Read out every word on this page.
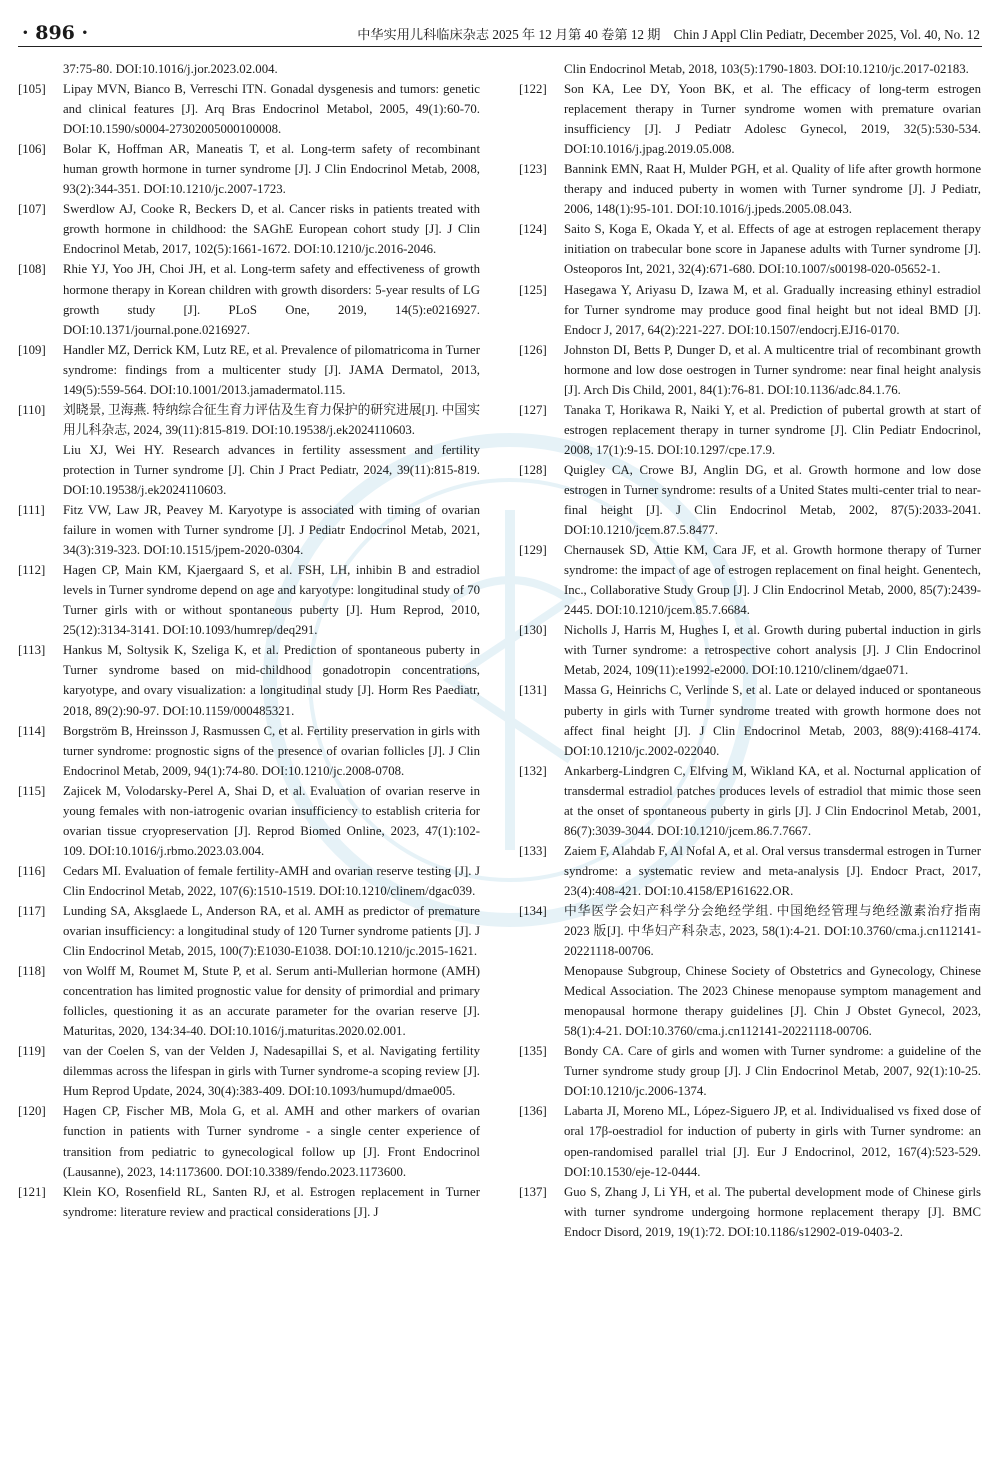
· 896 ·	中华实用儿科临床杂志 2025 年 12 月第 40 卷第 12 期　Chin J Appl Clin Pediatr, December 2025, Vol. 40, No. 12
37:75-80. DOI:10.1016/j.jor.2023.02.004.
[105] Lipay MVN, Bianco B, Verreschi ITN. Gonadal dysgenesis and tumors: genetic and clinical features [J]. Arq Bras Endocrinol Metabol, 2005, 49(1):60-70. DOI:10.1590/s0004-27302005000100008.
[106] Bolar K, Hoffman AR, Maneatis T, et al. Long-term safety of recombinant human growth hormone in turner syndrome [J]. J Clin Endocrinol Metab, 2008, 93(2):344-351. DOI:10.1210/jc.2007-1723.
[107] Swerdlow AJ, Cooke R, Beckers D, et al. Cancer risks in patients treated with growth hormone in childhood: the SAGhE European cohort study [J]. J Clin Endocrinol Metab, 2017, 102(5):1661-1672. DOI:10.1210/jc.2016-2046.
[108] Rhie YJ, Yoo JH, Choi JH, et al. Long-term safety and effectiveness of growth hormone therapy in Korean children with growth disorders: 5-year results of LG growth study [J]. PLoS One, 2019, 14(5):e0216927. DOI:10.1371/journal.pone.0216927.
[109] Handler MZ, Derrick KM, Lutz RE, et al. Prevalence of pilomatricoma in Turner syndrome: findings from a multicenter study [J]. JAMA Dermatol, 2013, 149(5):559-564. DOI:10.1001/2013.jamadermatol.115.
[110] 刘晓景, 卫海燕. 特纳综合征生育力评估及生育力保护的研究进展[J]. 中国实用儿科杂志, 2024, 39(11):815-819. DOI:10.19538/j.ek2024110603.
Liu XJ, Wei HY. Research advances in fertility assessment and fertility protection in Turner syndrome [J]. Chin J Pract Pediatr, 2024, 39(11):815-819. DOI:10.19538/j.ek2024110603.
[111] Fitz VW, Law JR, Peavey M. Karyotype is associated with timing of ovarian failure in women with Turner syndrome [J]. J Pediatr Endocrinol Metab, 2021, 34(3):319-323. DOI:10.1515/jpem-2020-0304.
[112] Hagen CP, Main KM, Kjaergaard S, et al. FSH, LH, inhibin B and estradiol levels in Turner syndrome depend on age and karyotype: longitudinal study of 70 Turner girls with or without spontaneous puberty [J]. Hum Reprod, 2010, 25(12):3134-3141. DOI:10.1093/humrep/deq291.
[113] Hankus M, Soltysik K, Szeliga K, et al. Prediction of spontaneous puberty in Turner syndrome based on mid-childhood gonadotropin concentrations, karyotype, and ovary visualization: a longitudinal study [J]. Horm Res Paediatr, 2018, 89(2):90-97. DOI:10.1159/000485321.
[114] Borgström B, Hreinsson J, Rasmussen C, et al. Fertility preservation in girls with turner syndrome: prognostic signs of the presence of ovarian follicles [J]. J Clin Endocrinol Metab, 2009, 94(1):74-80. DOI:10.1210/jc.2008-0708.
[115] Zajicek M, Volodarsky-Perel A, Shai D, et al. Evaluation of ovarian reserve in young females with non-iatrogenic ovarian insufficiency to establish criteria for ovarian tissue cryopreservation [J]. Reprod Biomed Online, 2023, 47(1):102-109. DOI:10.1016/j.rbmo.2023.03.004.
[116] Cedars MI. Evaluation of female fertility-AMH and ovarian reserve testing [J]. J Clin Endocrinol Metab, 2022, 107(6):1510-1519. DOI:10.1210/clinem/dgac039.
[117] Lunding SA, Aksglaede L, Anderson RA, et al. AMH as predictor of premature ovarian insufficiency: a longitudinal study of 120 Turner syndrome patients [J]. J Clin Endocrinol Metab, 2015, 100(7):E1030-E1038. DOI:10.1210/jc.2015-1621.
[118] von Wolff M, Roumet M, Stute P, et al. Serum anti-Mullerian hormone (AMH) concentration has limited prognostic value for density of primordial and primary follicles, questioning it as an accurate parameter for the ovarian reserve [J]. Maturitas, 2020, 134:34-40. DOI:10.1016/j.maturitas.2020.02.001.
[119] van der Coelen S, van der Velden J, Nadesapillai S, et al. Navigating fertility dilemmas across the lifespan in girls with Turner syndrome-a scoping review [J]. Hum Reprod Update, 2024, 30(4):383-409. DOI:10.1093/humupd/dmae005.
[120] Hagen CP, Fischer MB, Mola G, et al. AMH and other markers of ovarian function in patients with Turner syndrome - a single center experience of transition from pediatric to gynecological follow up [J]. Front Endocrinol (Lausanne), 2023, 14:1173600. DOI:10.3389/fendo.2023.1173600.
[121] Klein KO, Rosenfield RL, Santen RJ, et al. Estrogen replacement in Turner syndrome: literature review and practical considerations [J]. J
Clin Endocrinol Metab, 2018, 103(5):1790-1803. DOI:10.1210/jc.2017-02183.
[122] Son KA, Lee DY, Yoon BK, et al. The efficacy of long-term estrogen replacement therapy in Turner syndrome women with premature ovarian insufficiency [J]. J Pediatr Adolesc Gynecol, 2019, 32(5):530-534. DOI:10.1016/j.jpag.2019.05.008.
[123] Bannink EMN, Raat H, Mulder PGH, et al. Quality of life after growth hormone therapy and induced puberty in women with Turner syndrome [J]. J Pediatr, 2006, 148(1):95-101. DOI:10.1016/j.jpeds.2005.08.043.
[124] Saito S, Koga E, Okada Y, et al. Effects of age at estrogen replacement therapy initiation on trabecular bone score in Japanese adults with Turner syndrome [J]. Osteoporos Int, 2021, 32(4):671-680. DOI:10.1007/s00198-020-05652-1.
[125] Hasegawa Y, Ariyasu D, Izawa M, et al. Gradually increasing ethinyl estradiol for Turner syndrome may produce good final height but not ideal BMD [J]. Endocr J, 2017, 64(2):221-227. DOI:10.1507/endocrj.EJ16-0170.
[126] Johnston DI, Betts P, Dunger D, et al. A multicentre trial of recombinant growth hormone and low dose oestrogen in Turner syndrome: near final height analysis [J]. Arch Dis Child, 2001, 84(1):76-81. DOI:10.1136/adc.84.1.76.
[127] Tanaka T, Horikawa R, Naiki Y, et al. Prediction of pubertal growth at start of estrogen replacement therapy in turner syndrome [J]. Clin Pediatr Endocrinol, 2008, 17(1):9-15. DOI:10.1297/cpe.17.9.
[128] Quigley CA, Crowe BJ, Anglin DG, et al. Growth hormone and low dose estrogen in Turner syndrome: results of a United States multi-center trial to near-final height [J]. J Clin Endocrinol Metab, 2002, 87(5):2033-2041. DOI:10.1210/jcem.87.5.8477.
[129] Chernausek SD, Attie KM, Cara JF, et al. Growth hormone therapy of Turner syndrome: the impact of age of estrogen replacement on final height. Genentech, Inc., Collaborative Study Group [J]. J Clin Endocrinol Metab, 2000, 85(7):2439-2445. DOI:10.1210/jcem.85.7.6684.
[130] Nicholls J, Harris M, Hughes I, et al. Growth during pubertal induction in girls with Turner syndrome: a retrospective cohort analysis [J]. J Clin Endocrinol Metab, 2024, 109(11):e1992-e2000. DOI:10.1210/clinem/dgae071.
[131] Massa G, Heinrichs C, Verlinde S, et al. Late or delayed induced or spontaneous puberty in girls with Turner syndrome treated with growth hormone does not affect final height [J]. J Clin Endocrinol Metab, 2003, 88(9):4168-4174. DOI:10.1210/jc.2002-022040.
[132] Ankarberg-Lindgren C, Elfving M, Wikland KA, et al. Nocturnal application of transdermal estradiol patches produces levels of estradiol that mimic those seen at the onset of spontaneous puberty in girls [J]. J Clin Endocrinol Metab, 2001, 86(7):3039-3044. DOI:10.1210/jcem.86.7.7667.
[133] Zaiem F, Alahdab F, Al Nofal A, et al. Oral versus transdermal estrogen in Turner syndrome: a systematic review and meta-analysis [J]. Endocr Pract, 2017, 23(4):408-421. DOI:10.4158/EP161622.OR.
[134] 中华医学会妇产科学分会绝经学组. 中国绝经管理与绝经激素治疗指南 2023 版[J]. 中华妇产科杂志, 2023, 58(1):4-21. DOI:10.3760/cma.j.cn112141-20221118-00706.
Menopause Subgroup, Chinese Society of Obstetrics and Gynecology, Chinese Medical Association. The 2023 Chinese menopause symptom management and menopausal hormone therapy guidelines [J]. Chin J Obstet Gynecol, 2023, 58(1):4-21. DOI:10.3760/cma.j.cn112141-20221118-00706.
[135] Bondy CA. Care of girls and women with Turner syndrome: a guideline of the Turner syndrome study group [J]. J Clin Endocrinol Metab, 2007, 92(1):10-25. DOI:10.1210/jc.2006-1374.
[136] Labarta JI, Moreno ML, López-Siguero JP, et al. Individualised vs fixed dose of oral 17β-oestradiol for induction of puberty in girls with Turner syndrome: an open-randomised parallel trial [J]. Eur J Endocrinol, 2012, 167(4):523-529. DOI:10.1530/eje-12-0444.
[137] Guo S, Zhang J, Li YH, et al. The pubertal development mode of Chinese girls with turner syndrome undergoing hormone replacement therapy [J]. BMC Endocr Disord, 2019, 19(1):72. DOI:10.1186/s12902-019-0403-2.
